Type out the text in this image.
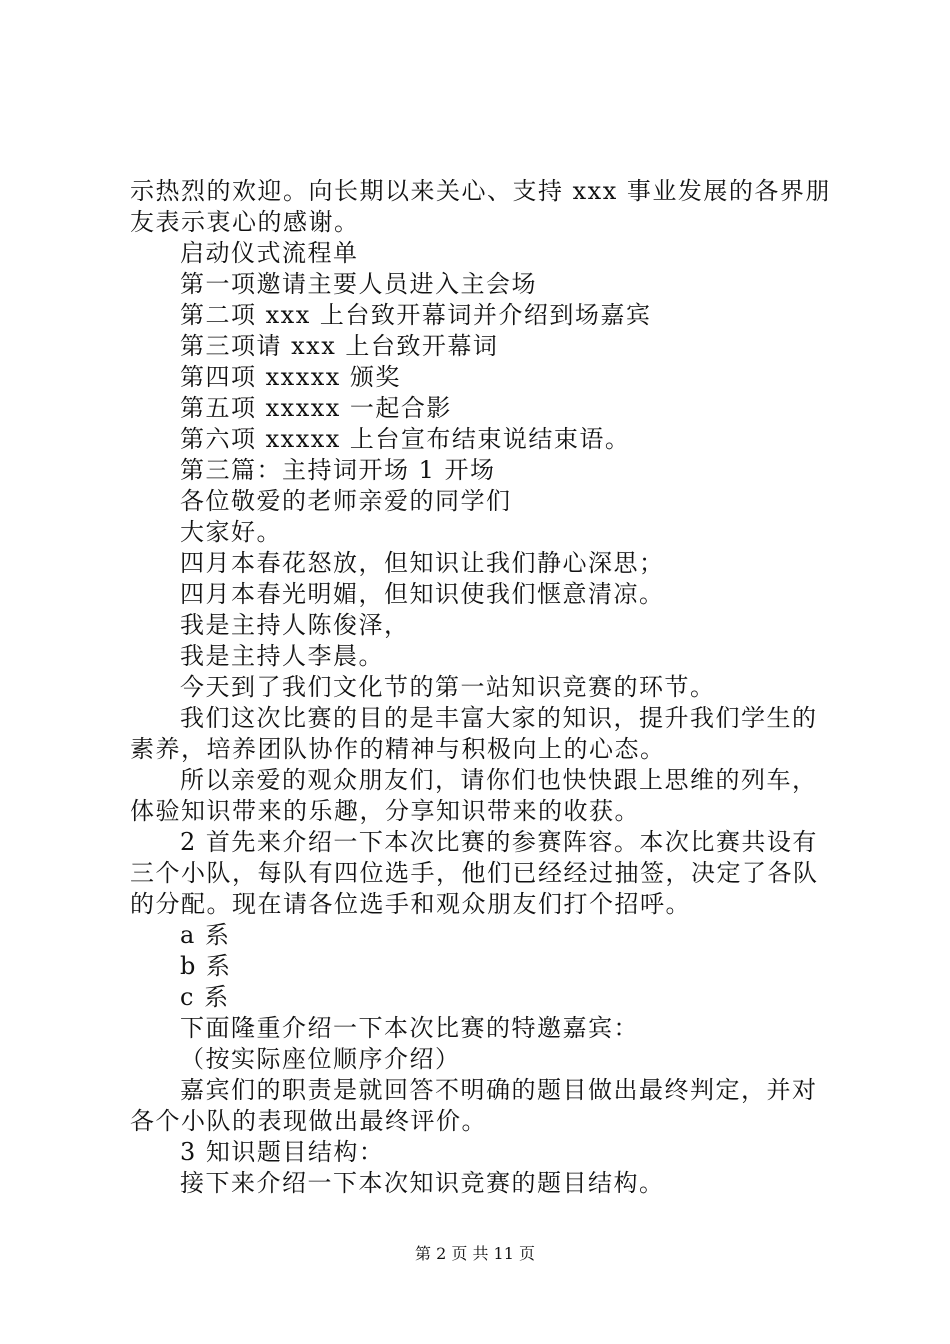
示热烈的欢迎。向长期以来关心、支持 xxx 事业发展的各界朋
友表示衷心的感谢。
启动仪式流程单
第一项邀请主要人员进入主会场
第二项 xxx 上台致开幕词并介绍到场嘉宾
第三项请 xxx 上台致开幕词
第四项 xxxxx 颁奖
第五项 xxxxx 一起合影
第六项 xxxxx 上台宣布结束说结束语。
第三篇：主持词开场 1 开场
各位敬爱的老师亲爱的同学们
大家好。
四月本春花怒放，但知识让我们静心深思；
四月本春光明媚，但知识使我们惬意清凉。
我是主持人陈俊泽，
我是主持人李晨。
今天到了我们文化节的第一站知识竞赛的环节。
我们这次比赛的目的是丰富大家的知识，提升我们学生的
素养，培养团队协作的精神与积极向上的心态。
所以亲爱的观众朋友们，请你们也快快跟上思维的列车，
体验知识带来的乐趣，分享知识带来的收获。
2 首先来介绍一下本次比赛的参赛阵容。本次比赛共设有
三个小队，每队有四位选手，他们已经经过抽签，决定了各队
的分配。现在请各位选手和观众朋友们打个招呼。
a 系
b 系
c 系
下面隆重介绍一下本次比赛的特邀嘉宾：
（按实际座位顺序介绍）
嘉宾们的职责是就回答不明确的题目做出最终判定，并对
各个小队的表现做出最终评价。
3 知识题目结构：
接下来介绍一下本次知识竞赛的题目结构。
第 2 页 共 11 页
